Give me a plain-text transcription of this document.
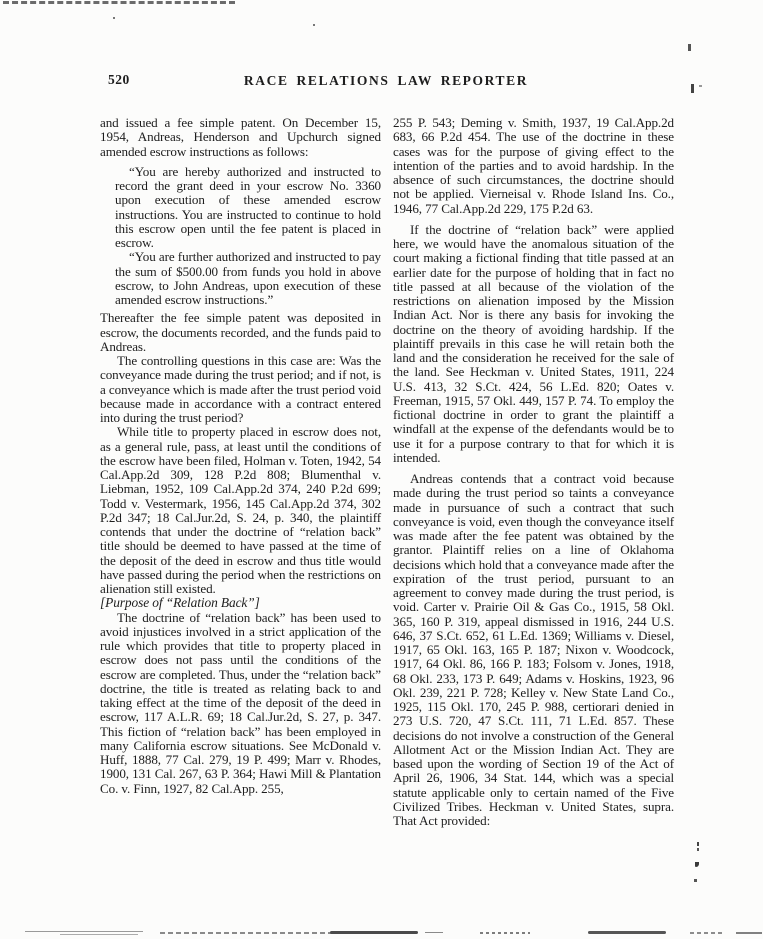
520	RACE RELATIONS LAW REPORTER

and issued a fee simple patent. On December 15, 1954, Andreas, Henderson and Upchurch signed amended escrow instructions as follows:

“You are hereby authorized and instructed to record the grant deed in your escrow No. 3360 upon execution of these amended escrow instructions. You are instructed to continue to hold this escrow open until the fee patent is placed in escrow.

“You are further authorized and instructed to pay the sum of $500.00 from funds you hold in above escrow, to John Andreas, upon execution of these amended escrow instructions.”

Thereafter the fee simple patent was deposited in escrow, the documents recorded, and the funds paid to Andreas.

The controlling questions in this case are: Was the conveyance made during the trust period; and if not, is a conveyance which is made after the trust period void because made in accordance with a contract entered into during the trust period?

While title to property placed in escrow does not, as a general rule, pass, at least until the conditions of the escrow have been filed, Holman v. Toten, 1942, 54 Cal.App.2d 309, 128 P.2d 808; Blumenthal v. Liebman, 1952, 109 Cal.App.2d 374, 240 P.2d 699; Todd v. Vestermark, 1956, 145 Cal.App.2d 374, 302 P.2d 347; 18 Cal.Jur.2d, S. 24, p. 340, the plaintiff contends that under the doctrine of “relation back” title should be deemed to have passed at the time of the deposit of the deed in escrow and thus title would have passed during the period when the restrictions on alienation still existed.

[Purpose of “Relation Back”]

The doctrine of “relation back” has been used to avoid injustices involved in a strict application of the rule which provides that title to property placed in escrow does not pass until the conditions of the escrow are completed. Thus, under the “relation back” doctrine, the title is treated as relating back to and taking effect at the time of the deposit of the deed in escrow, 117 A.L.R. 69; 18 Cal.Jur.2d, S. 27, p. 347. This fiction of “relation back” has been employed in many California escrow situations. See McDonald v. Huff, 1888, 77 Cal. 279, 19 P. 499; Marr v. Rhodes, 1900, 131 Cal. 267, 63 P. 364; Hawi Mill & Plantation Co. v. Finn, 1927, 82 Cal.App. 255,

255 P. 543; Deming v. Smith, 1937, 19 Cal.App.2d 683, 66 P.2d 454. The use of the doctrine in these cases was for the purpose of giving effect to the intention of the parties and to avoid hardship. In the absence of such circumstances, the doctrine should not be applied. Vierneisal v. Rhode Island Ins. Co., 1946, 77 Cal.App.2d 229, 175 P.2d 63.

If the doctrine of “relation back” were applied here, we would have the anomalous situation of the court making a fictional finding that title passed at an earlier date for the purpose of holding that in fact no title passed at all because of the violation of the restrictions on alienation imposed by the Mission Indian Act. Nor is there any basis for invoking the doctrine on the theory of avoiding hardship. If the plaintiff prevails in this case he will retain both the land and the consideration he received for the sale of the land. See Heckman v. United States, 1911, 224 U.S. 413, 32 S.Ct. 424, 56 L.Ed. 820; Oates v. Freeman, 1915, 57 Okl. 449, 157 P. 74. To employ the fictional doctrine in order to grant the plaintiff a windfall at the expense of the defendants would be to use it for a purpose contrary to that for which it is intended.

Andreas contends that a contract void because made during the trust period so taints a conveyance made in pursuance of such a contract that such conveyance is void, even though the conveyance itself was made after the fee patent was obtained by the grantor. Plaintiff relies on a line of Oklahoma decisions which hold that a conveyance made after the expiration of the trust period, pursuant to an agreement to convey made during the trust period, is void. Carter v. Prairie Oil & Gas Co., 1915, 58 Okl. 365, 160 P. 319, appeal dismissed in 1916, 244 U.S. 646, 37 S.Ct. 652, 61 L.Ed. 1369; Williams v. Diesel, 1917, 65 Okl. 163, 165 P. 187; Nixon v. Woodcock, 1917, 64 Okl. 86, 166 P. 183; Folsom v. Jones, 1918, 68 Okl. 233, 173 P. 649; Adams v. Hoskins, 1923, 96 Okl. 239, 221 P. 728; Kelley v. New State Land Co., 1925, 115 Okl. 170, 245 P. 988, certiorari denied in 273 U.S. 720, 47 S.Ct. 111, 71 L.Ed. 857. These decisions do not involve a construction of the General Allotment Act or the Mission Indian Act. They are based upon the wording of Section 19 of the Act of April 26, 1906, 34 Stat. 144, which was a special statute applicable only to certain named of the Five Civilized Tribes. Heckman v. United States, supra. That Act provided:
